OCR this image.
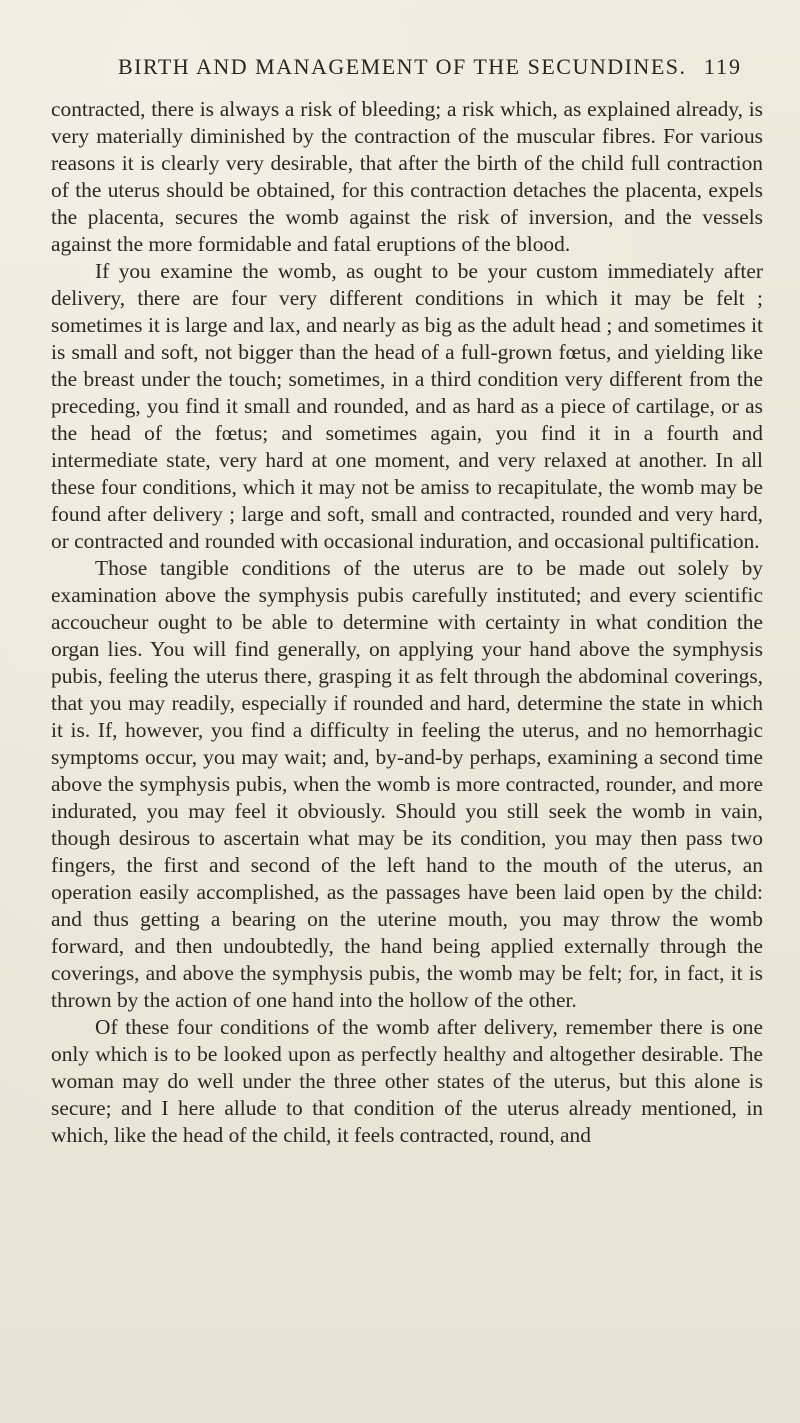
BIRTH AND MANAGEMENT OF THE SECUNDINES. 119

contracted, there is always a risk of bleeding; a risk which, as explained already, is very materially diminished by the contraction of the muscular fibres. For various reasons it is clearly very desirable, that after the birth of the child full contraction of the uterus should be obtained, for this contraction detaches the placenta, expels the placenta, secures the womb against the risk of inversion, and the vessels against the more formidable and fatal eruptions of the blood.

If you examine the womb, as ought to be your custom immediately after delivery, there are four very different conditions in which it may be felt ; sometimes it is large and lax, and nearly as big as the adult head ; and sometimes it is small and soft, not bigger than the head of a full-grown fœtus, and yielding like the breast under the touch; sometimes, in a third condition very different from the preceding, you find it small and rounded, and as hard as a piece of cartilage, or as the head of the fœtus; and sometimes again, you find it in a fourth and intermediate state, very hard at one moment, and very relaxed at another. In all these four conditions, which it may not be amiss to recapitulate, the womb may be found after delivery ; large and soft, small and contracted, rounded and very hard, or contracted and rounded with occasional induration, and occasional pultification.

Those tangible conditions of the uterus are to be made out solely by examination above the symphysis pubis carefully instituted; and every scientific accoucheur ought to be able to determine with certainty in what condition the organ lies. You will find generally, on applying your hand above the symphysis pubis, feeling the uterus there, grasping it as felt through the abdominal coverings, that you may readily, especially if rounded and hard, determine the state in which it is. If, however, you find a difficulty in feeling the uterus, and no hemorrhagic symptoms occur, you may wait; and, by-and-by perhaps, examining a second time above the symphysis pubis, when the womb is more contracted, rounder, and more indurated, you may feel it obviously. Should you still seek the womb in vain, though desirous to ascertain what may be its condition, you may then pass two fingers, the first and second of the left hand to the mouth of the uterus, an operation easily accomplished, as the passages have been laid open by the child: and thus getting a bearing on the uterine mouth, you may throw the womb forward, and then undoubtedly, the hand being applied externally through the coverings, and above the symphysis pubis, the womb may be felt; for, in fact, it is thrown by the action of one hand into the hollow of the other.

Of these four conditions of the womb after delivery, remember there is one only which is to be looked upon as perfectly healthy and altogether desirable. The woman may do well under the three other states of the uterus, but this alone is secure; and I here allude to that condition of the uterus already mentioned, in which, like the head of the child, it feels contracted, round, and
